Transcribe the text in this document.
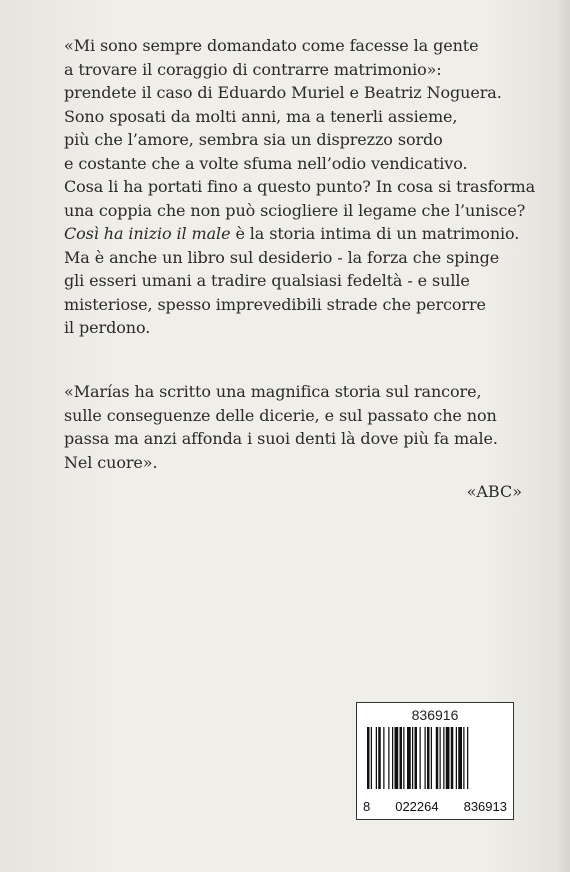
«Mi sono sempre domandato come facesse la gente

a trovare il coraggio di contrarre matrimonio»:

prendete il caso di Eduardo Muriel e Beatriz Noguera.

Sono sposati da molti anni, ma a tenerli assieme,

più che l’amore, sembra sia un disprezzo sordo

e costante che a volte sfuma nell’odio vendicativo.

Cosa li ha portati fino a questo punto? In cosa si trasforma

una coppia che non può sciogliere il legame che l’unisce?

Così ha inizio il male è la storia intima di un matrimonio.

Ma è anche un libro sul desiderio - la forza che spinge

gli esseri umani a tradire qualsiasi fedeltà - e sulle

misteriose, spesso imprevedibili strade che percorre

il perdono.

«Marías ha scritto una magnifica storia sul rancore,

sulle conseguenze delle dicerie, e sul passato che non

passa ma anzi affonda i suoi denti là dove più fa male.

Nel cuore».

«ABC»
836916
8 022264 836913
